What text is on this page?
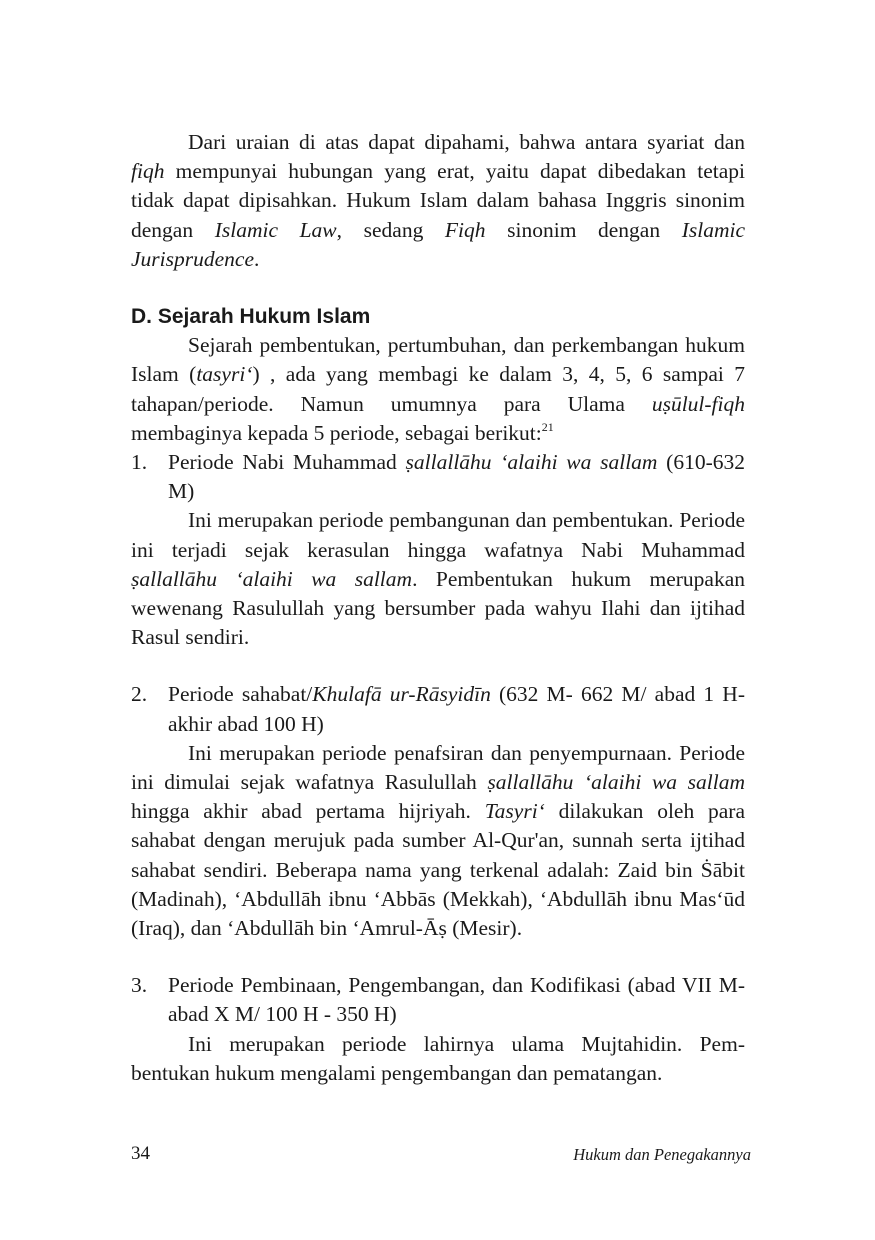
Dari uraian di atas dapat dipahami, bahwa antara syariat dan fiqh mempunyai hubungan yang erat, yaitu dapat dibedakan tetapi tidak dapat dipisahkan. Hukum Islam dalam bahasa Inggris sinonim dengan Islamic Law, sedang Fiqh sinonim dengan Islamic Jurisprudence.

D. Sejarah Hukum Islam

Sejarah pembentukan, pertumbuhan, dan perkembangan hukum Islam (tasyri‘) , ada yang membagi ke dalam 3, 4, 5, 6 sampai 7 tahapan/periode. Namun umumnya para Ulama uṣūlul-fiqh membaginya kepada 5 periode, sebagai berikut:$^{21}$

1. Periode Nabi Muhammad ṣallallāhu ‘alaihi wa sallam (610-632 M)

Ini merupakan periode pembangunan dan pembentukan. Periode ini terjadi sejak kerasulan hingga wafatnya Nabi Muhammad ṣallallāhu ‘alaihi wa sallam. Pembentukan hukum merupakan wewenang Rasulullah yang bersumber pada wahyu Ilahi dan ijtihad Rasul sendiri.

2. Periode sahabat/Khulafā ur-Rāsyidīn (632 M- 662 M/ abad 1 H- akhir abad 100 H)

Ini merupakan periode penafsiran dan penyempurnaan. Periode ini dimulai sejak wafatnya Rasulullah ṣallallāhu ‘alaihi wa sallam hingga akhir abad pertama hijriyah. Tasyri‘ dilakukan oleh para sahabat dengan merujuk pada sumber Al-Qur'an, sunnah serta ijtihad sahabat sendiri. Beberapa nama yang terkenal adalah: Zaid bin Ṡābit (Madinah), ‘Abdullāh ibnu ‘Abbās (Mekkah), ‘Abdullāh ibnu Mas‘ūd (Iraq), dan ‘Abdullāh bin ‘Amrul-Āṣ (Mesir).

3. Periode Pembinaan, Pengembangan, dan Kodifikasi (abad VII M- abad X M/ 100 H - 350 H)

Ini merupakan periode lahirnya ulama Mujtahidin. Pembentukan hukum mengalami pengembangan dan pematangan.

34	Hukum dan Penegakannya
